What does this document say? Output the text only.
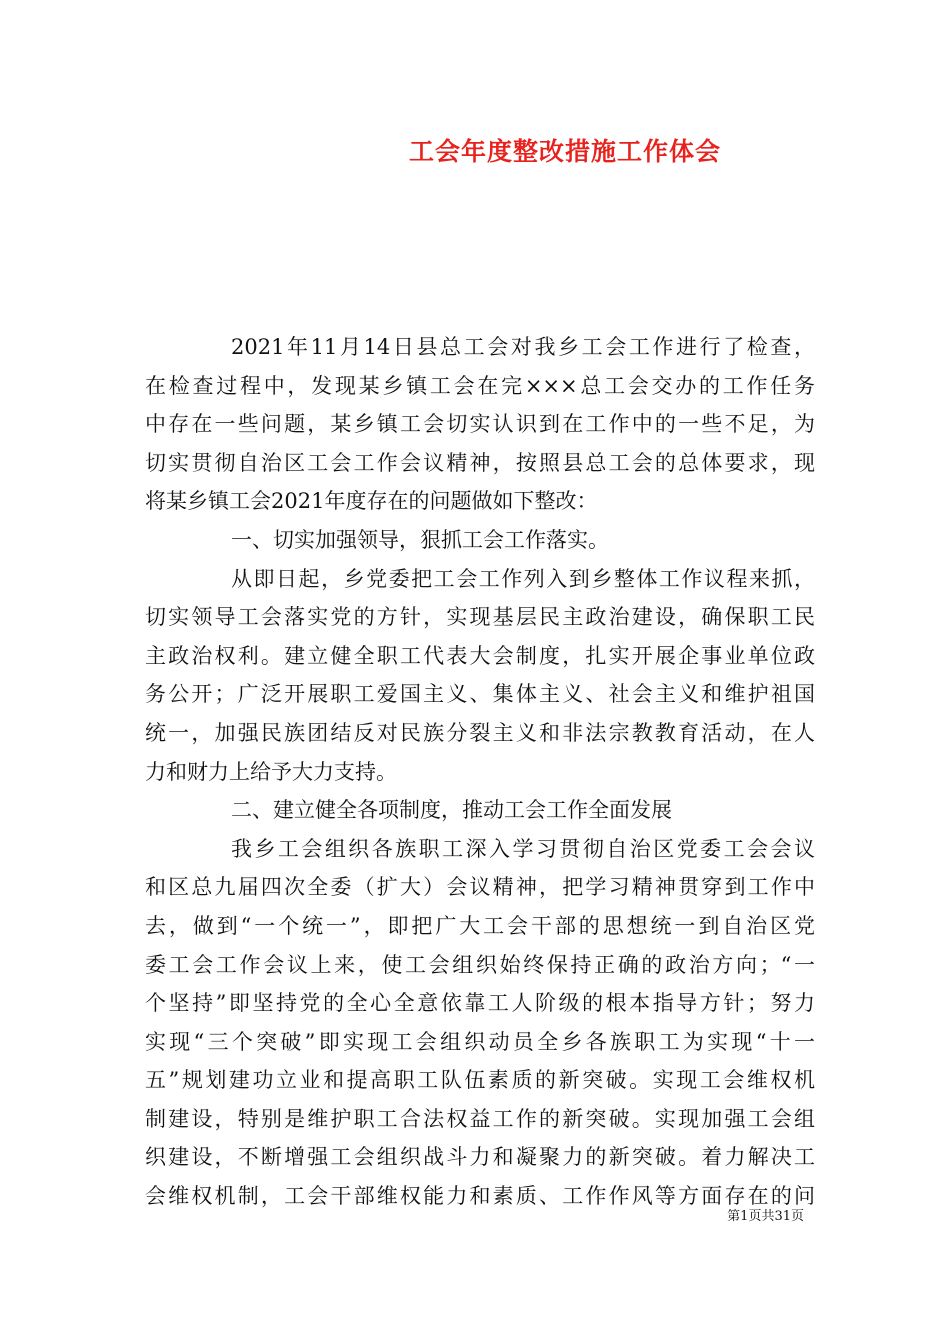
工会年度整改措施工作体会
2021年11月14日县总工会对我乡工会工作进行了检查，
在检查过程中，发现某乡镇工会在完×××总工会交办的工作任务
中存在一些问题，某乡镇工会切实认识到在工作中的一些不足，为
切实贯彻自治区工会工作会议精神，按照县总工会的总体要求，现
将某乡镇工会2021年度存在的问题做如下整改：
一、切实加强领导，狠抓工会工作落实。
从即日起，乡党委把工会工作列入到乡整体工作议程来抓，
切实领导工会落实党的方针，实现基层民主政治建设，确保职工民
主政治权利。建立健全职工代表大会制度，扎实开展企事业单位政
务公开；广泛开展职工爱国主义、集体主义、社会主义和维护祖国
统一，加强民族团结反对民族分裂主义和非法宗教教育活动，在人
力和财力上给予大力支持。
二、建立健全各项制度，推动工会工作全面发展
我乡工会组织各族职工深入学习贯彻自治区党委工会会议
和区总九届四次全委（扩大）会议精神，把学习精神贯穿到工作中
去，做到“一个统一”，即把广大工会干部的思想统一到自治区党
委工会工作会议上来，使工会组织始终保持正确的政治方向；“一
个坚持”即坚持党的全心全意依靠工人阶级的根本指导方针；努力
实现“三个突破”即实现工会组织动员全乡各族职工为实现“十一
五”规划建功立业和提高职工队伍素质的新突破。实现工会维权机
制建设，特别是维护职工合法权益工作的新突破。实现加强工会组
织建设，不断增强工会组织战斗力和凝聚力的新突破。着力解决工
会维权机制，工会干部维权能力和素质、工作作风等方面存在的问
第1页共31页
